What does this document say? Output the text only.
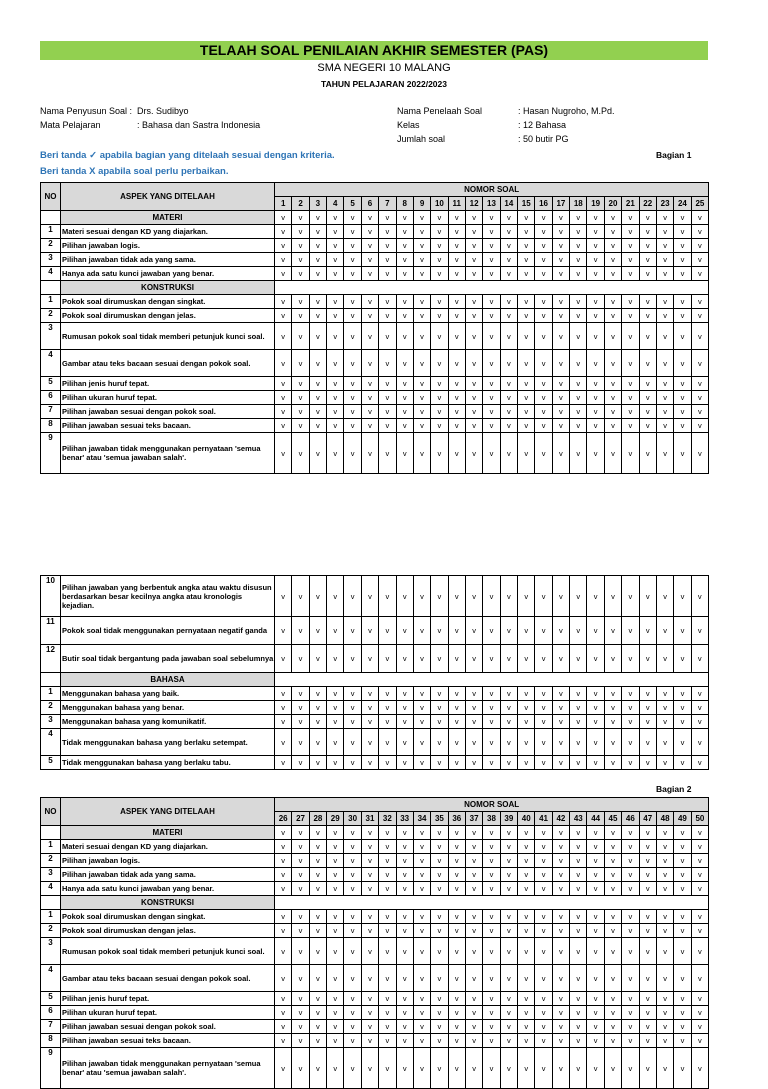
TELAAH SOAL PENILAIAN AKHIR SEMESTER (PAS)
SMA NEGERI 10 MALANG
TAHUN PELAJARAN 2022/2023
Nama Penyusun Soal : Drs. Sudibyo
Mata Pelajaran	: Bahasa dan Sastra Indonesia
Nama Penelaah Soal	: Hasan Nugroho, M.Pd.
Kelas	: 12 Bahasa
Jumlah soal	: 50 butir PG
Beri tanda ✓ apabila bagian yang ditelaah sesuai dengan kriteria.
Beri tanda X apabila soal perlu perbaikan.
Bagian 1
Bagian 2
NO	ASPEK YANG DITELAAH	NOMOR SOAL																								
		1	2	3	4	5	6	7	8	9	10	11	12	13	14	15	16	17	18	19	20	21	22	23	24	25
	MATERI	v	v	v	v	v	v	v	v	v	v	v	v	v	v	v	v	v	v	v	v	v	v	v	v	v
1	Materi sesuai dengan KD yang diajarkan.	v	v	v	v	v	v	v	v	v	v	v	v	v	v	v	v	v	v	v	v	v	v	v	v	v
2	Pilihan jawaban logis.	v	v	v	v	v	v	v	v	v	v	v	v	v	v	v	v	v	v	v	v	v	v	v	v	v
3	Pilihan jawaban tidak ada yang sama.	v	v	v	v	v	v	v	v	v	v	v	v	v	v	v	v	v	v	v	v	v	v	v	v	v
4	Hanya ada satu kunci jawaban yang benar.	v	v	v	v	v	v	v	v	v	v	v	v	v	v	v	v	v	v	v	v	v	v	v	v	v
	KONSTRUKSI																									
1	Pokok soal dirumuskan dengan singkat.	v	v	v	v	v	v	v	v	v	v	v	v	v	v	v	v	v	v	v	v	v	v	v	v	v
2	Pokok soal dirumuskan dengan jelas.	v	v	v	v	v	v	v	v	v	v	v	v	v	v	v	v	v	v	v	v	v	v	v	v	v
3	Rumusan pokok soal tidak memberi petunjuk kunci soal.	v	v	v	v	v	v	v	v	v	v	v	v	v	v	v	v	v	v	v	v	v	v	v	v	v
4	Gambar atau teks bacaan sesuai dengan pokok soal.	v	v	v	v	v	v	v	v	v	v	v	v	v	v	v	v	v	v	v	v	v	v	v	v	v
5	Pilihan jenis huruf tepat.	v	v	v	v	v	v	v	v	v	v	v	v	v	v	v	v	v	v	v	v	v	v	v	v	v
6	Pilihan ukuran huruf tepat.	v	v	v	v	v	v	v	v	v	v	v	v	v	v	v	v	v	v	v	v	v	v	v	v	v
7	Pilihan jawaban sesuai dengan pokok soal.	v	v	v	v	v	v	v	v	v	v	v	v	v	v	v	v	v	v	v	v	v	v	v	v	v
8	Pilihan jawaban sesuai teks bacaan.	v	v	v	v	v	v	v	v	v	v	v	v	v	v	v	v	v	v	v	v	v	v	v	v	v
9	Pilihan jawaban tidak menggunakan pernyataan 'semua benar' atau 'semua jawaban salah'.	v	v	v	v	v	v	v	v	v	v	v	v	v	v	v	v	v	v	v	v	v	v	v	v	v
10	Pilihan jawaban yang berbentuk angka atau waktu disusun berdasarkan besar kecilnya angka atau kronologis kejadian.	v	v	v	v	v	v	v	v	v	v	v	v	v	v	v	v	v	v	v	v	v	v	v	v	v
11	Pokok soal tidak menggunakan pernyataan negatif ganda	v	v	v	v	v	v	v	v	v	v	v	v	v	v	v	v	v	v	v	v	v	v	v	v	v
12	Butir soal tidak bergantung pada jawaban soal sebelumnya	v	v	v	v	v	v	v	v	v	v	v	v	v	v	v	v	v	v	v	v	v	v	v	v	v
	BAHASA																									
1	Menggunakan bahasa yang baik.	v	v	v	v	v	v	v	v	v	v	v	v	v	v	v	v	v	v	v	v	v	v	v	v	v
2	Menggunakan bahasa yang benar.	v	v	v	v	v	v	v	v	v	v	v	v	v	v	v	v	v	v	v	v	v	v	v	v	v
3	Menggunakan bahasa yang komunikatif.	v	v	v	v	v	v	v	v	v	v	v	v	v	v	v	v	v	v	v	v	v	v	v	v	v
4	Tidak menggunakan bahasa yang berlaku setempat.	v	v	v	v	v	v	v	v	v	v	v	v	v	v	v	v	v	v	v	v	v	v	v	v	v
5	Tidak menggunakan bahasa yang berlaku tabu.	v	v	v	v	v	v	v	v	v	v	v	v	v	v	v	v	v	v	v	v	v	v	v	v	v
NO	ASPEK YANG DITELAAH	NOMOR SOAL																								
		26	27	28	29	30	31	32	33	34	35	36	37	38	39	40	41	42	43	44	45	46	47	48	49	50
	MATERI	v	v	v	v	v	v	v	v	v	v	v	v	v	v	v	v	v	v	v	v	v	v	v	v	v
1	Materi sesuai dengan KD yang diajarkan.	v	v	v	v	v	v	v	v	v	v	v	v	v	v	v	v	v	v	v	v	v	v	v	v	v
2	Pilihan jawaban logis.	v	v	v	v	v	v	v	v	v	v	v	v	v	v	v	v	v	v	v	v	v	v	v	v	v
3	Pilihan jawaban tidak ada yang sama.	v	v	v	v	v	v	v	v	v	v	v	v	v	v	v	v	v	v	v	v	v	v	v	v	v
4	Hanya ada satu kunci jawaban yang benar.	v	v	v	v	v	v	v	v	v	v	v	v	v	v	v	v	v	v	v	v	v	v	v	v	v
	KONSTRUKSI																									
1	Pokok soal dirumuskan dengan singkat.	v	v	v	v	v	v	v	v	v	v	v	v	v	v	v	v	v	v	v	v	v	v	v	v	v
2	Pokok soal dirumuskan dengan jelas.	v	v	v	v	v	v	v	v	v	v	v	v	v	v	v	v	v	v	v	v	v	v	v	v	v
3	Rumusan pokok soal tidak memberi petunjuk kunci soal.	v	v	v	v	v	v	v	v	v	v	v	v	v	v	v	v	v	v	v	v	v	v	v	v	v
4	Gambar atau teks bacaan sesuai dengan pokok soal.	v	v	v	v	v	v	v	v	v	v	v	v	v	v	v	v	v	v	v	v	v	v	v	v	v
5	Pilihan jenis huruf tepat.	v	v	v	v	v	v	v	v	v	v	v	v	v	v	v	v	v	v	v	v	v	v	v	v	v
6	Pilihan ukuran huruf tepat.	v	v	v	v	v	v	v	v	v	v	v	v	v	v	v	v	v	v	v	v	v	v	v	v	v
7	Pilihan jawaban sesuai dengan pokok soal.	v	v	v	v	v	v	v	v	v	v	v	v	v	v	v	v	v	v	v	v	v	v	v	v	v
8	Pilihan jawaban sesuai teks bacaan.	v	v	v	v	v	v	v	v	v	v	v	v	v	v	v	v	v	v	v	v	v	v	v	v	v
9	Pilihan jawaban tidak menggunakan pernyataan 'semua benar' atau 'semua jawaban salah'.	v	v	v	v	v	v	v	v	v	v	v	v	v	v	v	v	v	v	v	v	v	v	v	v	v
